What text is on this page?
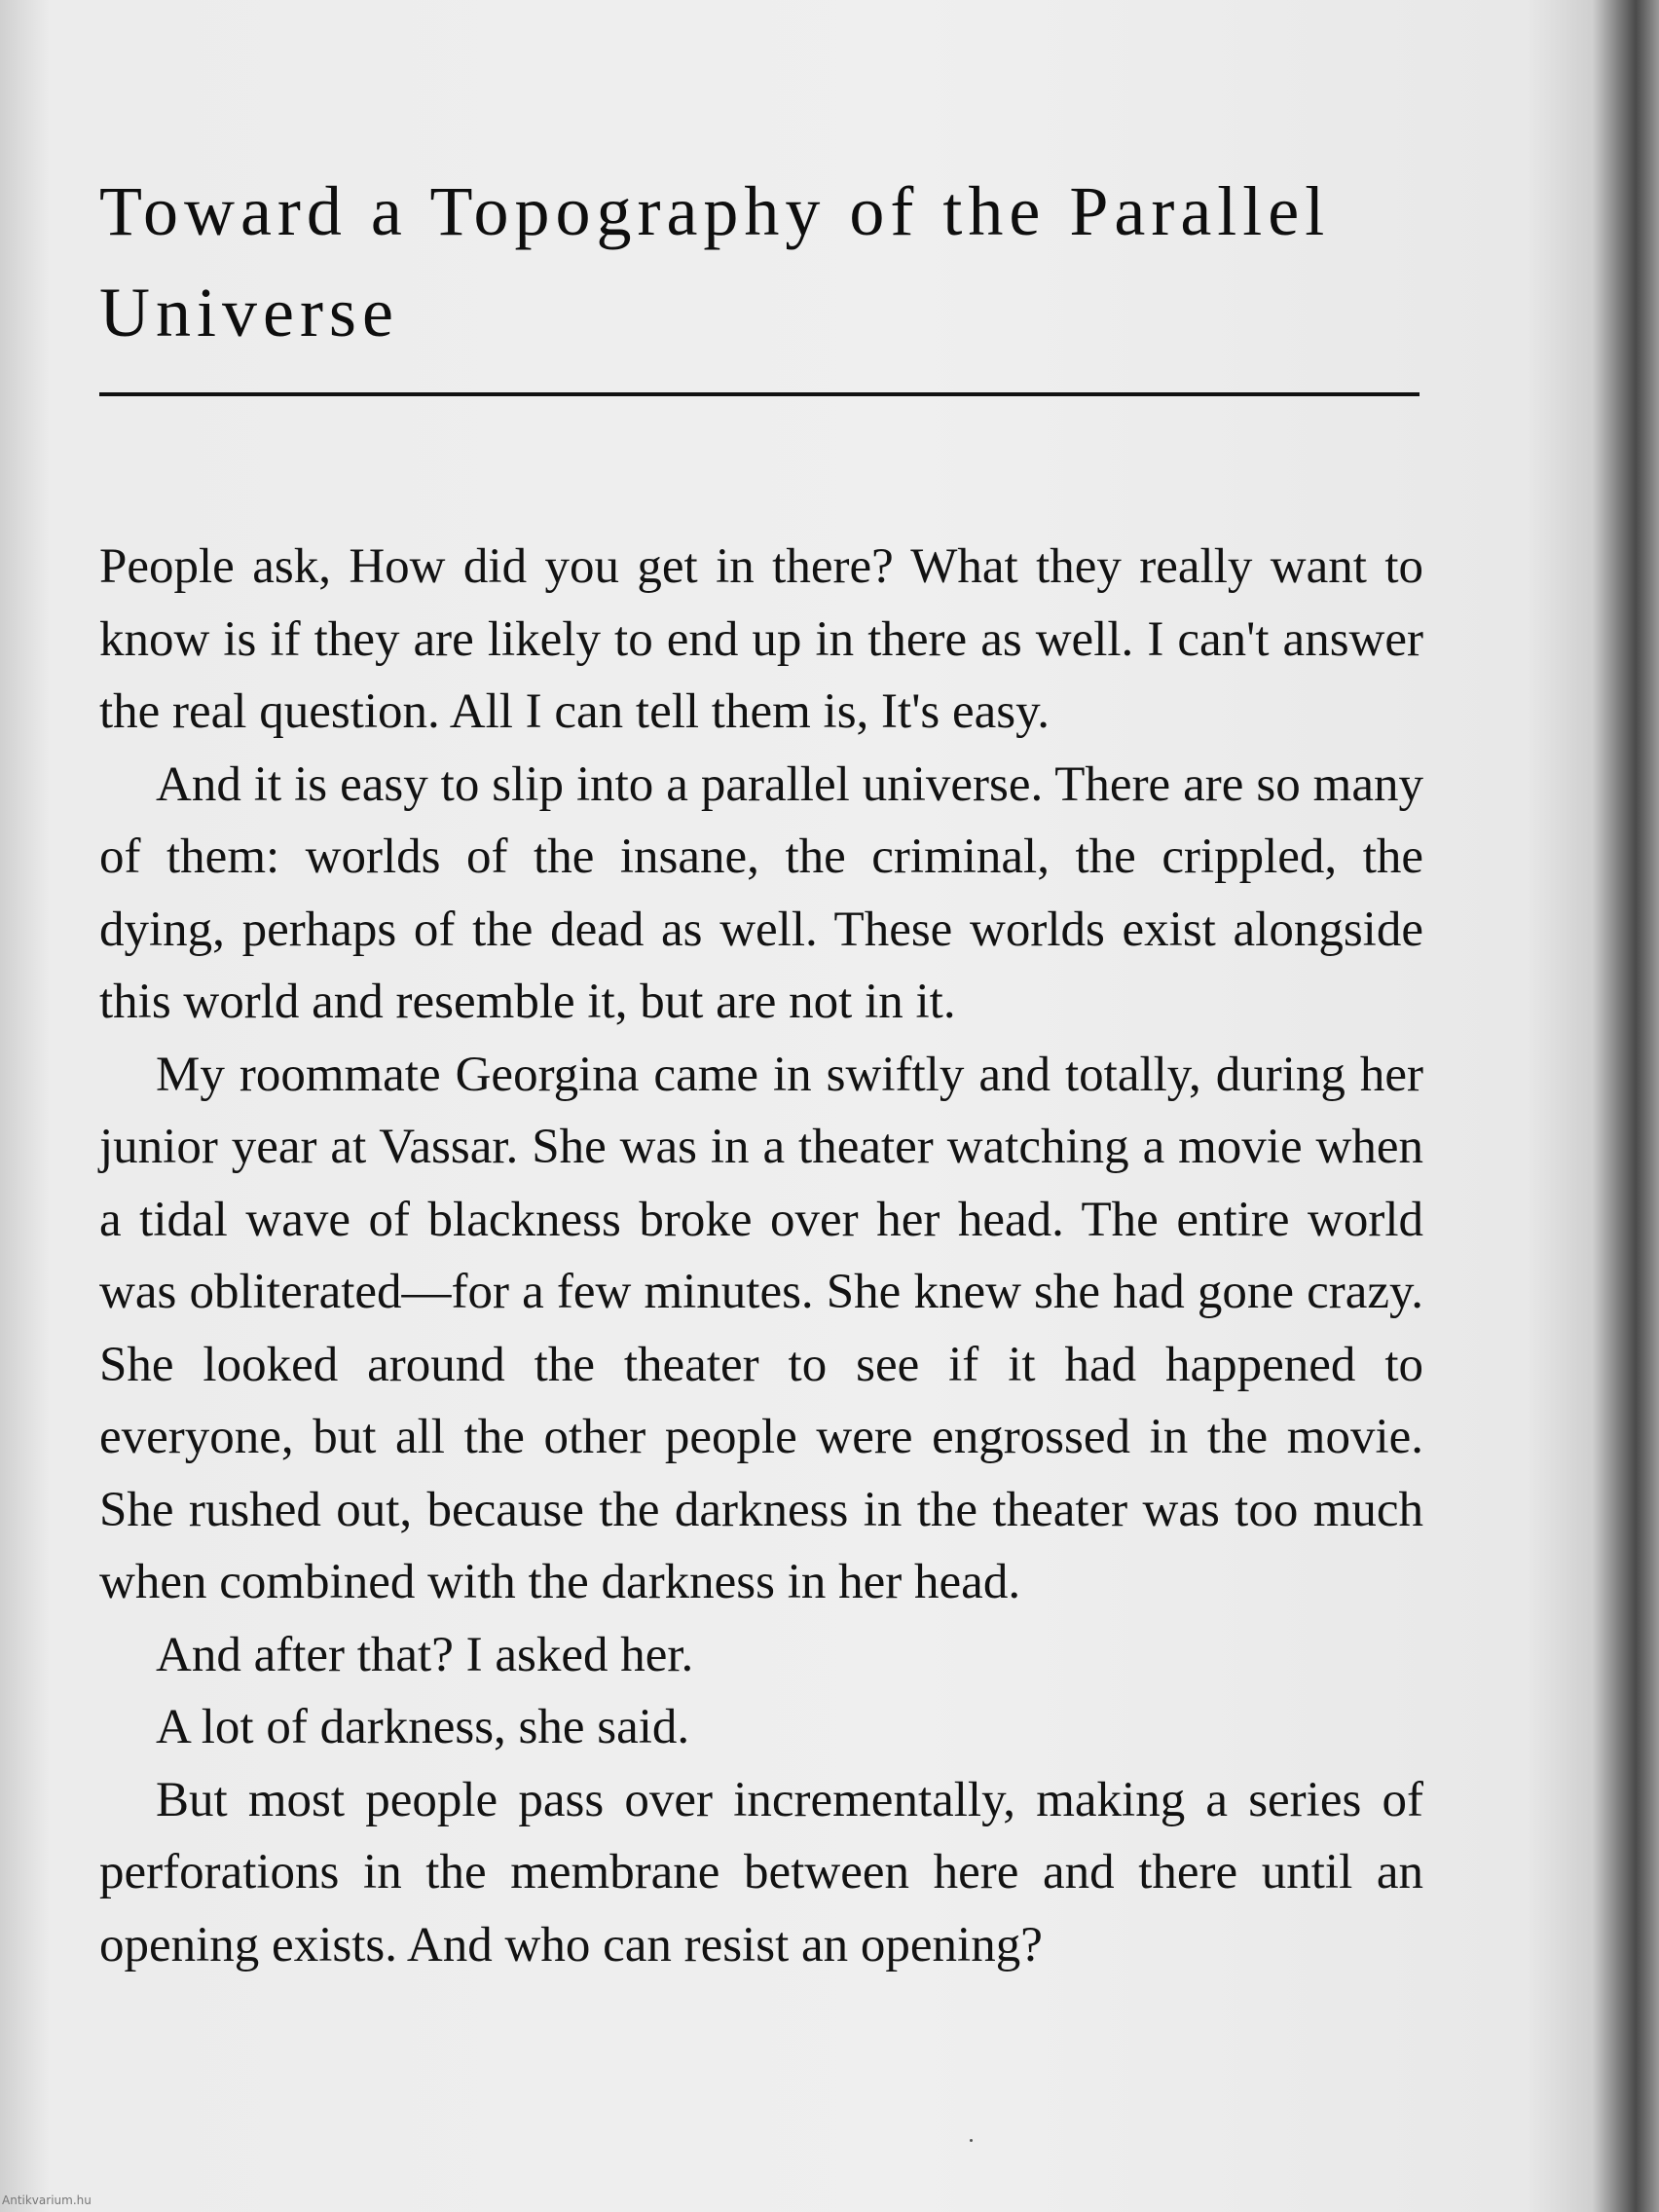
Toward a Topography of the Parallel Universe

People ask, How did you get in there? What they really want to know is if they are likely to end up in there as well. I can't answer the real question. All I can tell them is, It's easy.

And it is easy to slip into a parallel universe. There are so many of them: worlds of the insane, the criminal, the crippled, the dying, perhaps of the dead as well. These worlds exist alongside this world and resemble it, but are not in it.

My roommate Georgina came in swiftly and totally, during her junior year at Vassar. She was in a theater watching a movie when a tidal wave of blackness broke over her head. The entire world was obliterated—for a few minutes. She knew she had gone crazy. She looked around the theater to see if it had happened to everyone, but all the other people were engrossed in the movie. She rushed out, because the darkness in the theater was too much when combined with the darkness in her head.

And after that? I asked her.

A lot of darkness, she said.

But most people pass over incrementally, making a series of perforations in the membrane between here and there until an opening exists. And who can resist an opening?

Antikvarium.hu
